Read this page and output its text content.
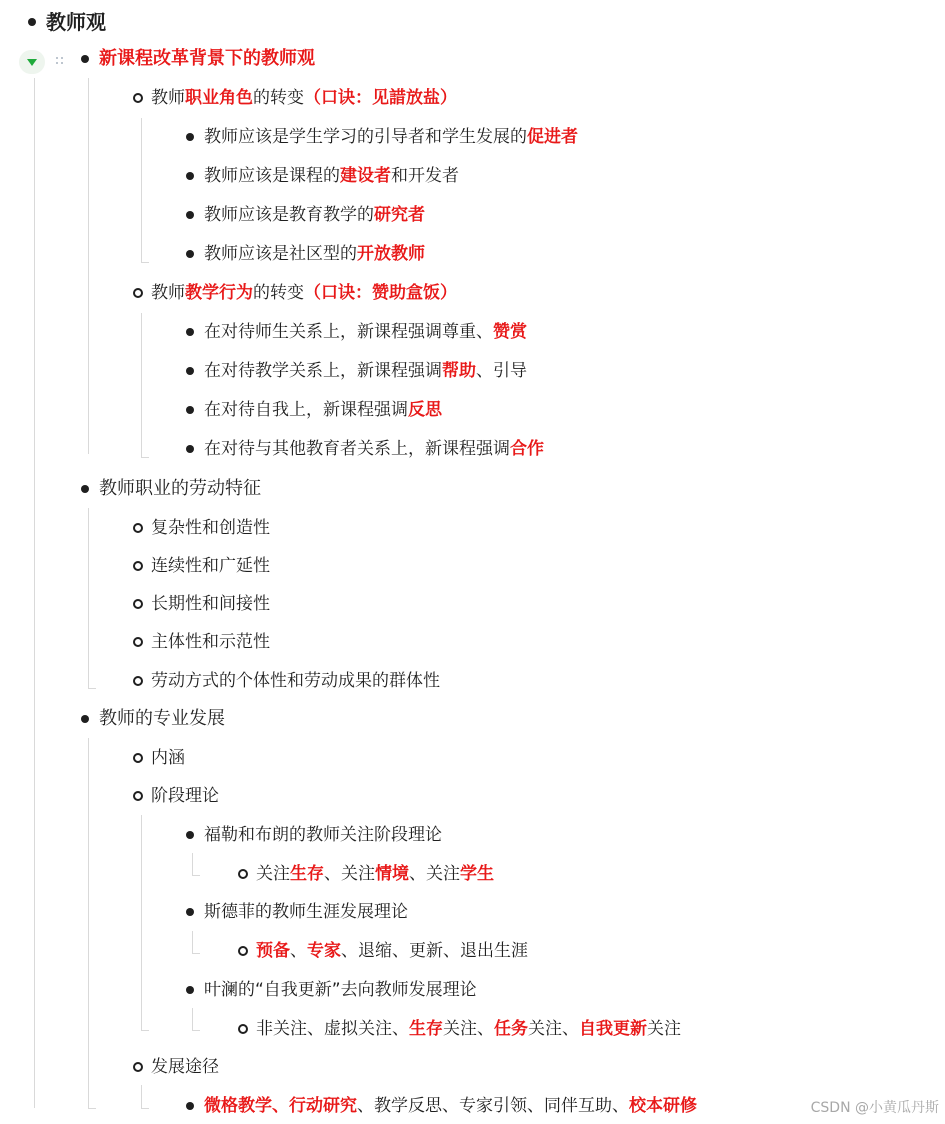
教师观
新课程改革背景下的教师观
教师职业角色的转变（口诀：见諎放盐）
教师应该是学生学习的引导者和学生发展的促进者
教师应该是课程的建设者和开发者
教师应该是教育教学的研究者
教师应该是社区型的开放教师
教师教学行为的转变（口诀：赞助盒饭）
在对待师生关系上，新课程强调尊重、赞赏
在对待教学关系上，新课程强调帮助、引导
在对待自我上，新课程强调反思
在对待与其他教育者关系上，新课程强调合作
教师职业的劳动特征
复杂性和创造性
连续性和广延性
长期性和间接性
主体性和示范性
劳动方式的个体性和劳动成果的群体性
教师的专业发展
内涵
阶段理论
福勒和布朗的教师关注阶段理论
关注生存、关注情境、关注学生
斯德菲的教师生涯发展理论
预备、专家、退缩、更新、退出生涯
叶澜的“自我更新”去向教师发展理论
非关注、虚拟关注、生存关注、任务关注、自我更新关注
发展途径
微格教学、行动研究、教学反思、专家引领、同伴互助、校本研修	CSDN @小黄瓜丹斯
